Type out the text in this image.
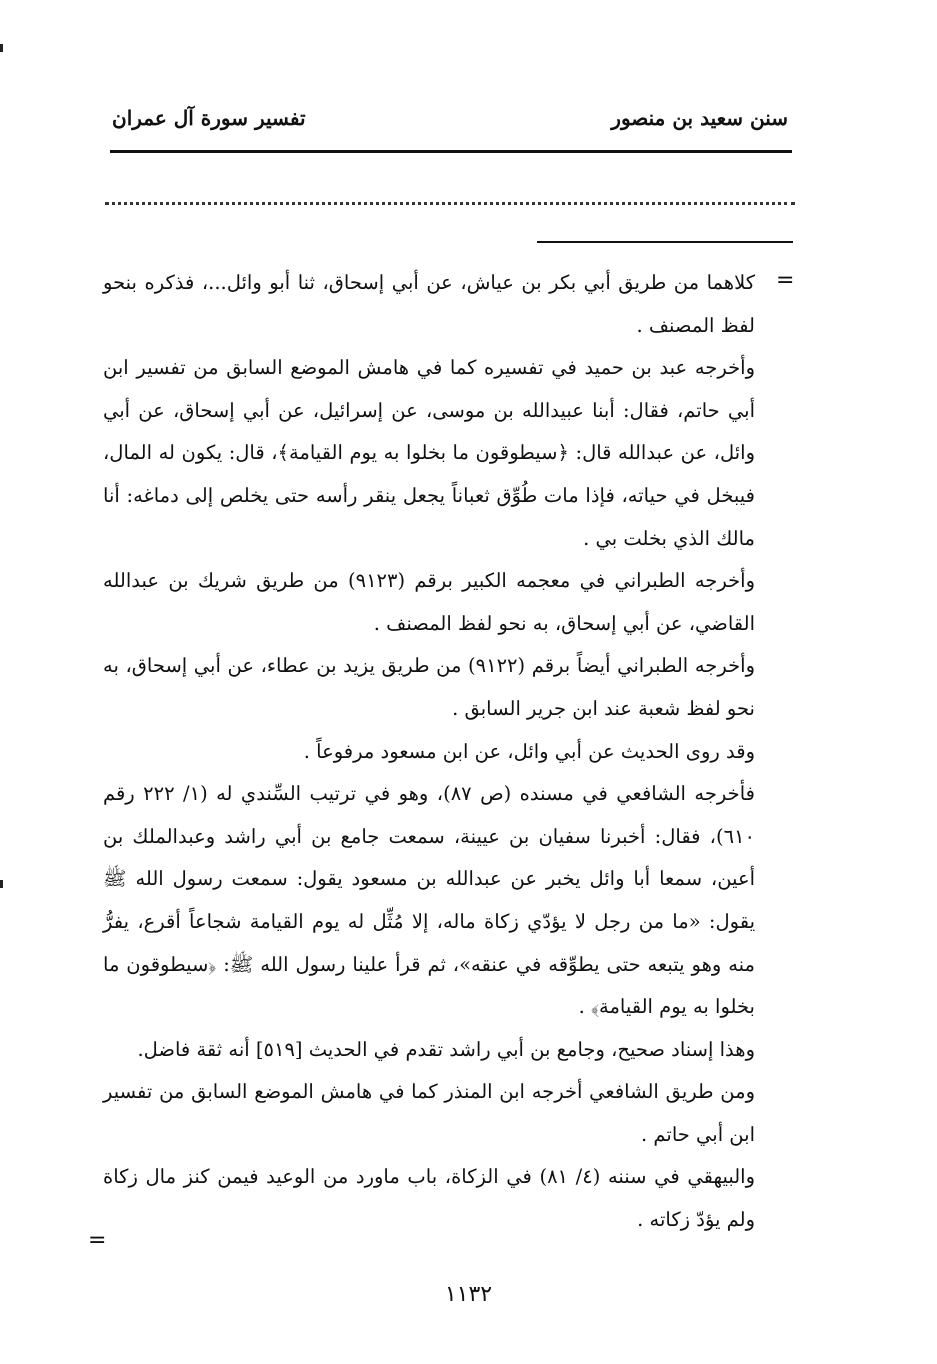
سنن سعيد بن منصور
تفسير سورة آل عمران
=
=

كلاهما من طريق أبي بكر بن عياش، عن أبي إسحاق، ثنا أبو وائل...، فذكره بنحو لفظ المصنف .

وأخرجه عبد بن حميد في تفسيره كما في هامش الموضع السابق من تفسير ابن أبي حاتم، فقال: أبنا عبيدالله بن موسى، عن إسرائيل، عن أبي إسحاق، عن أبي وائل، عن عبدالله قال: ﴿سيطوقون ما بخلوا به يوم القيامة﴾، قال: يكون له المال، فيبخل في حياته، فإذا مات طُوِّق ثعباناً يجعل ينقر رأسه حتى يخلص إلى دماغه: أنا مالك الذي بخلت بي .

وأخرجه الطبراني في معجمه الكبير برقم (٩١٢٣) من طريق شريك بن عبدالله القاضي، عن أبي إسحاق، به نحو لفظ المصنف .

وأخرجه الطبراني أيضاً برقم (٩١٢٢) من طريق يزيد بن عطاء، عن أبي إسحاق، به نحو لفظ شعبة عند ابن جرير السابق .

وقد روى الحديث عن أبي وائل، عن ابن مسعود مرفوعاً .

فأخرجه الشافعي في مسنده (ص ٨٧)، وهو في ترتيب السِّندي له (١/ ٢٢٢ رقم ٦١٠)، فقال: أخبرنا سفيان بن عيينة، سمعت جامع بن أبي راشد وعبدالملك بن أعين، سمعا أبا وائل يخبر عن عبدالله بن مسعود يقول: سمعت رسول الله ﷺ يقول: «ما من رجل لا يؤدّي زكاة ماله، إلا مُثِّل له يوم القيامة شجاعاً أقرع، يفرُّ منه وهو يتبعه حتى يطوِّقه في عنقه»، ثم قرأ علينا رسول الله ﷺ: ﴿سيطوقون ما بخلوا به يوم القيامة﴾ .

وهذا إسناد صحيح، وجامع بن أبي راشد تقدم في الحديث [٥١٩] أنه ثقة فاضل.

ومن طريق الشافعي أخرجه ابن المنذر كما في هامش الموضع السابق من تفسير ابن أبي حاتم .

والبيهقي في سننه (٤/ ٨١) في الزكاة، باب ماورد من الوعيد فيمن كنز مال زكاة ولم يؤدّ زكاته .

١١٣٢
